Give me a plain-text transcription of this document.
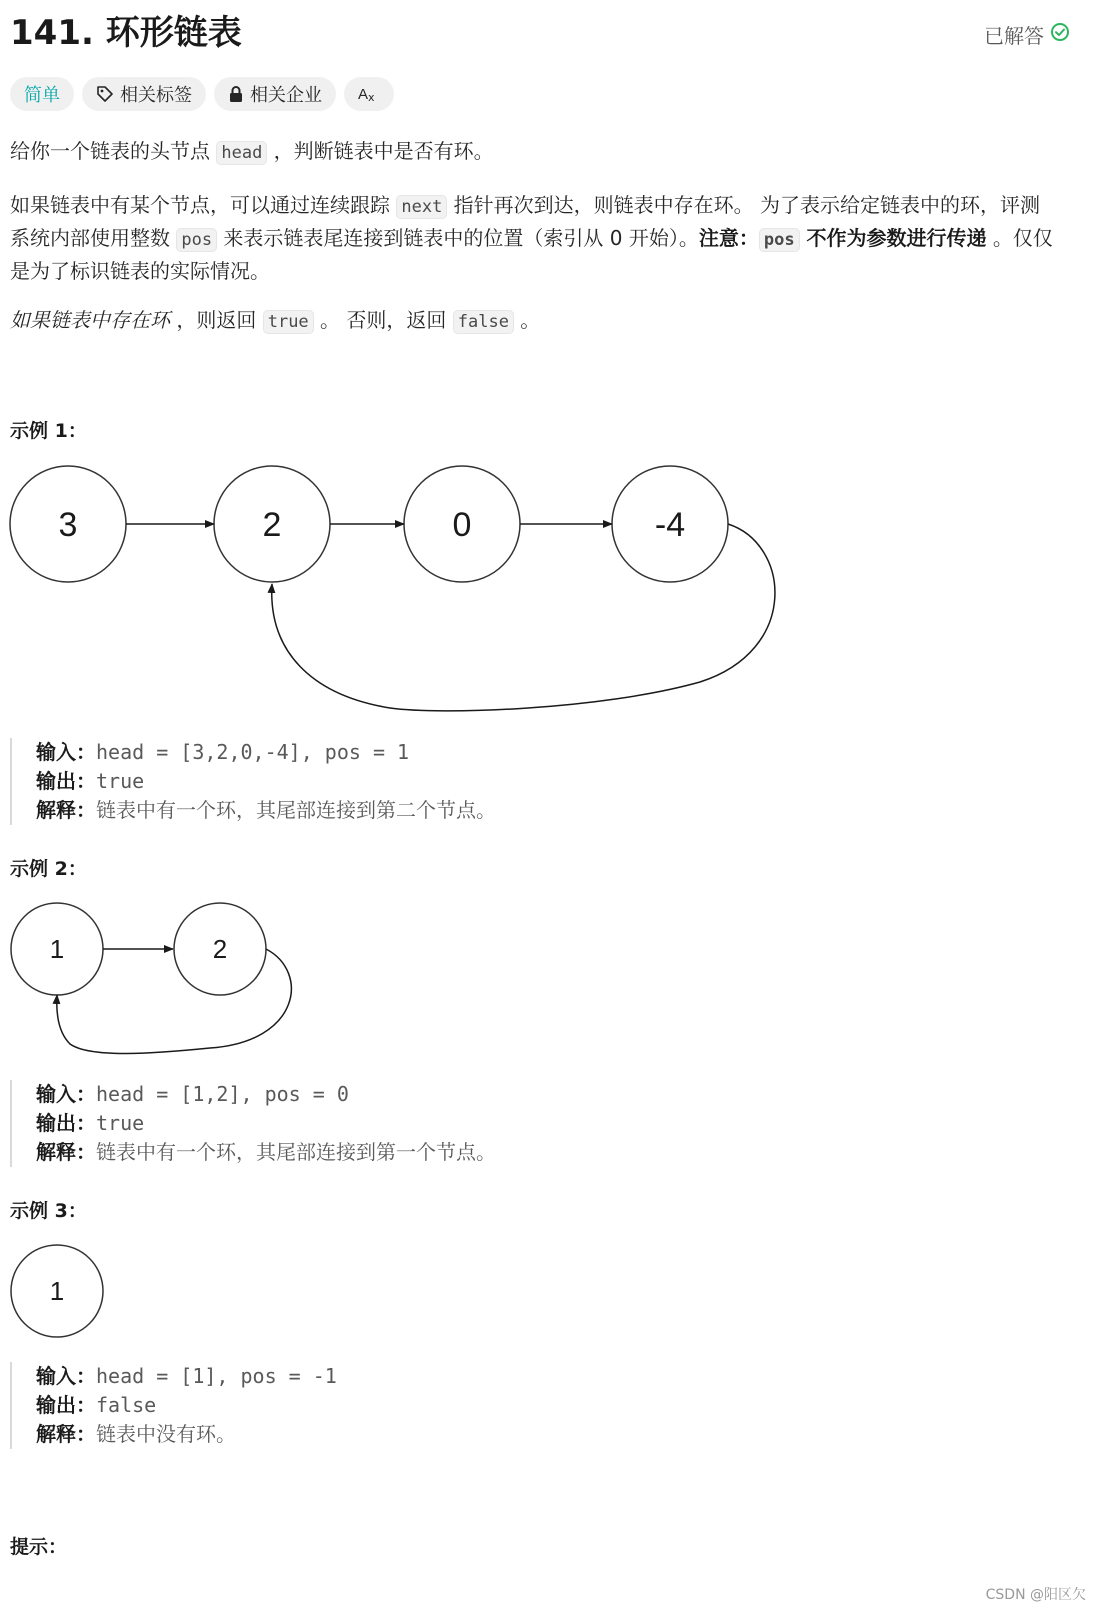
141. 环形链表	已解答
简单	相关标签	相关企业 A x
给你一个链表的头节点 head ，判断链表中是否有环。
如果链表中有某个节点，可以通过连续跟踪 next 指针再次到达，则链表中存在环。 为了表示给定链表中的环，评测系统内部使用整数 pos 来表示链表尾连接到链表中的位置（索引从 0 开始）。注意： pos 不作为参数进行传递 。仅仅是为了标识链表的实际情况。
如果链表中存在环 ，则返回 true 。 否则，返回 false 。
示例 1：
3	2	0	-4
输入： head = [3,2,0,-4], pos = 1
输出： true
解释： 链表中有一个环，其尾部连接到第二个节点。
示例 2：
1	2
输入： head = [1,2], pos = 0
输出： true
解释： 链表中有一个环，其尾部连接到第一个节点。
示例 3：
1
输入： head = [1], pos = -1
输出： false
解释： 链表中没有环。
提示：
CSDN @阳区欠
